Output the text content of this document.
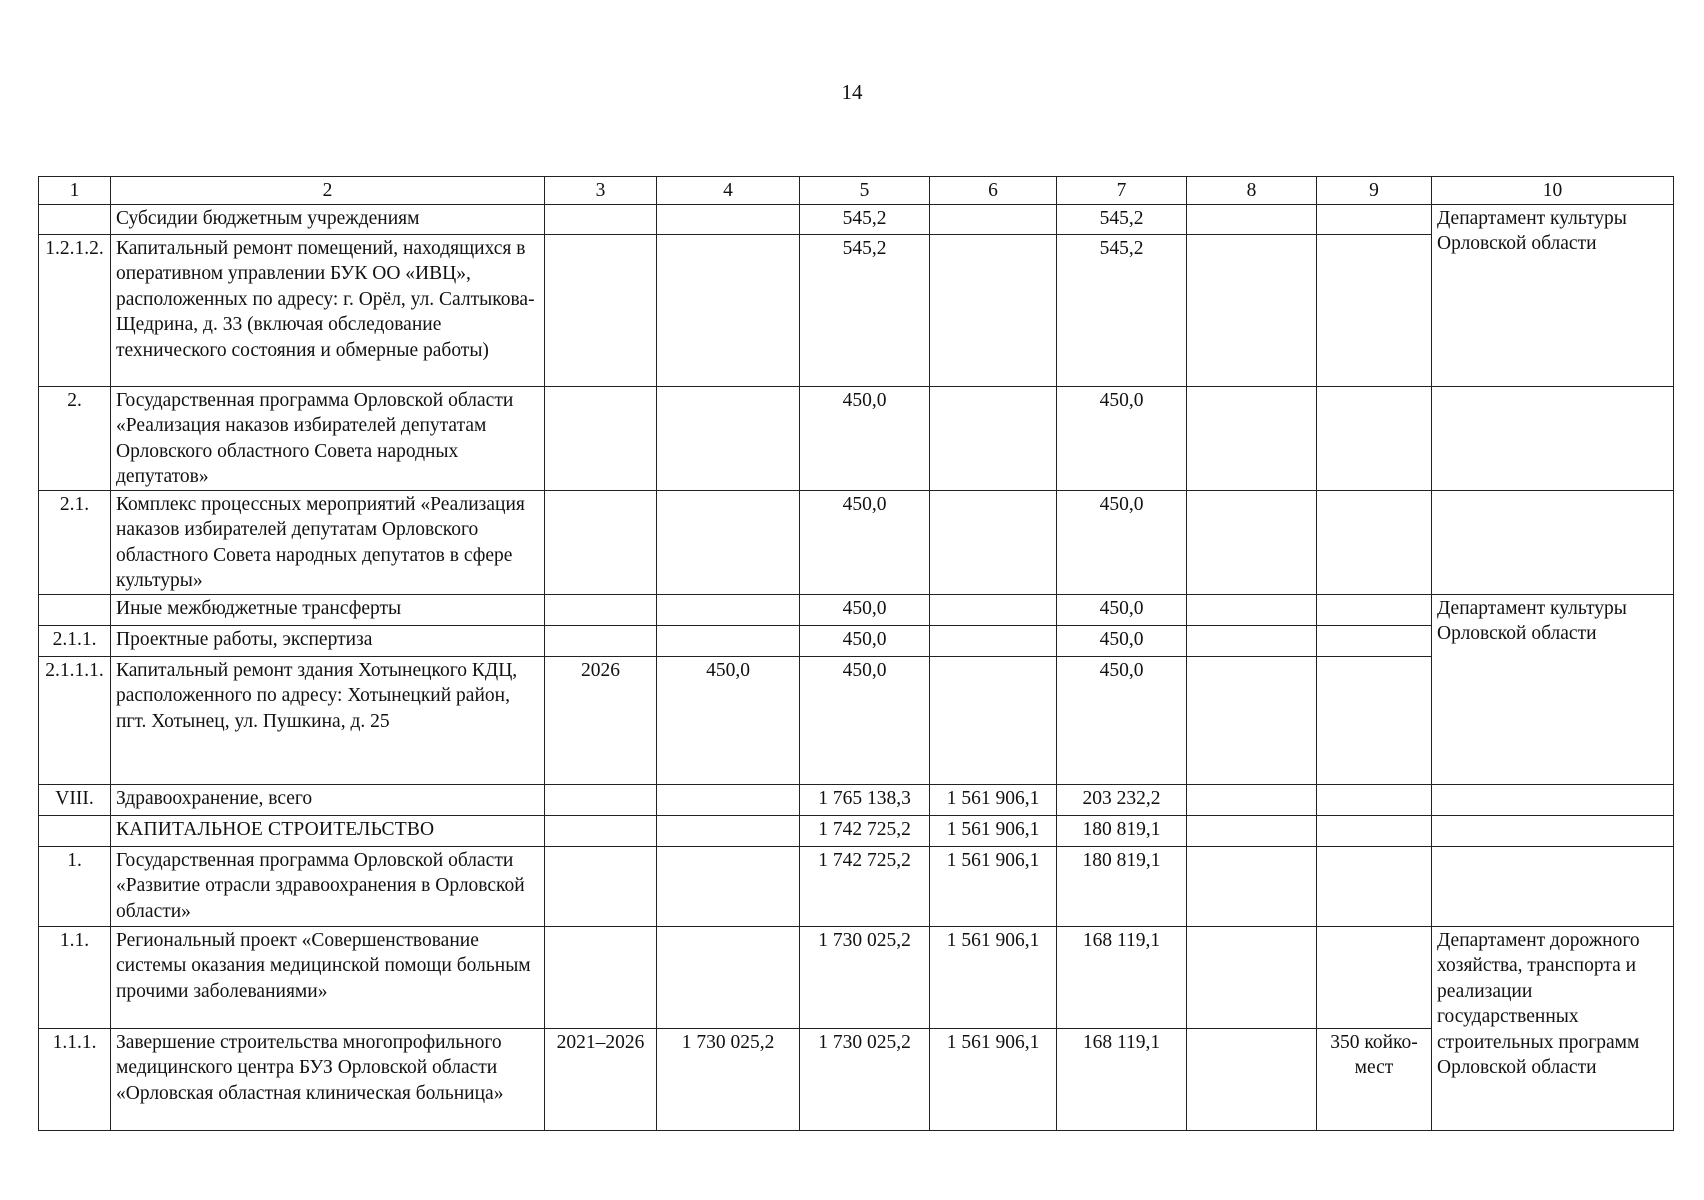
14
1	2	3	4	5	6	7	8	9	10
	Субсидии бюджетным учреждениям			545,2		545,2			Департамент культуры Орловской области
1.2.1.2.	Капитальный ремонт помещений, находящихся в оперативном управлении БУК ОО «ИВЦ», расположенных по адресу: г. Орёл, ул. Салтыкова-Щедрина, д. 33 (включая обследование технического состояния и обмерные работы)			545,2		545,2			
2.	Государственная программа Орловской области «Реализация наказов избирателей депутатам Орловского областного Совета народных депутатов»			450,0		450,0			
2.1.	Комплекс процессных мероприятий «Реализация наказов избирателей депутатам Орловского областного Совета народных депутатов в сфере культуры»			450,0		450,0			
	Иные межбюджетные трансферты			450,0		450,0			Департамент культуры Орловской области
2.1.1.	Проектные работы, экспертиза			450,0		450,0			
2.1.1.1.	Капитальный ремонт здания Хотынецкого КДЦ, расположенного по адресу: Хотынецкий район, пгт. Хотынец, ул. Пушкина, д. 25	2026	450,0	450,0		450,0			
VIII.	Здравоохранение, всего			1 765 138,3	1 561 906,1	203 232,2			
	КАПИТАЛЬНОЕ СТРОИТЕЛЬСТВО			1 742 725,2	1 561 906,1	180 819,1			
1.	Государственная программа Орловской области «Развитие отрасли здравоохранения в Орловской области»			1 742 725,2	1 561 906,1	180 819,1			
1.1.	Региональный проект «Совершенствование системы оказания медицинской помощи больным прочими заболеваниями»			1 730 025,2	1 561 906,1	168 119,1			Департамент дорожного хозяйства, транспорта и реализации государственных строительных программ Орловской области
1.1.1.	Завершение строительства многопрофильного медицинского центра БУЗ Орловской области «Орловская областная клиническая больница»	2021–2026	1 730 025,2	1 730 025,2	1 561 906,1	168 119,1		350 койко-мест	
